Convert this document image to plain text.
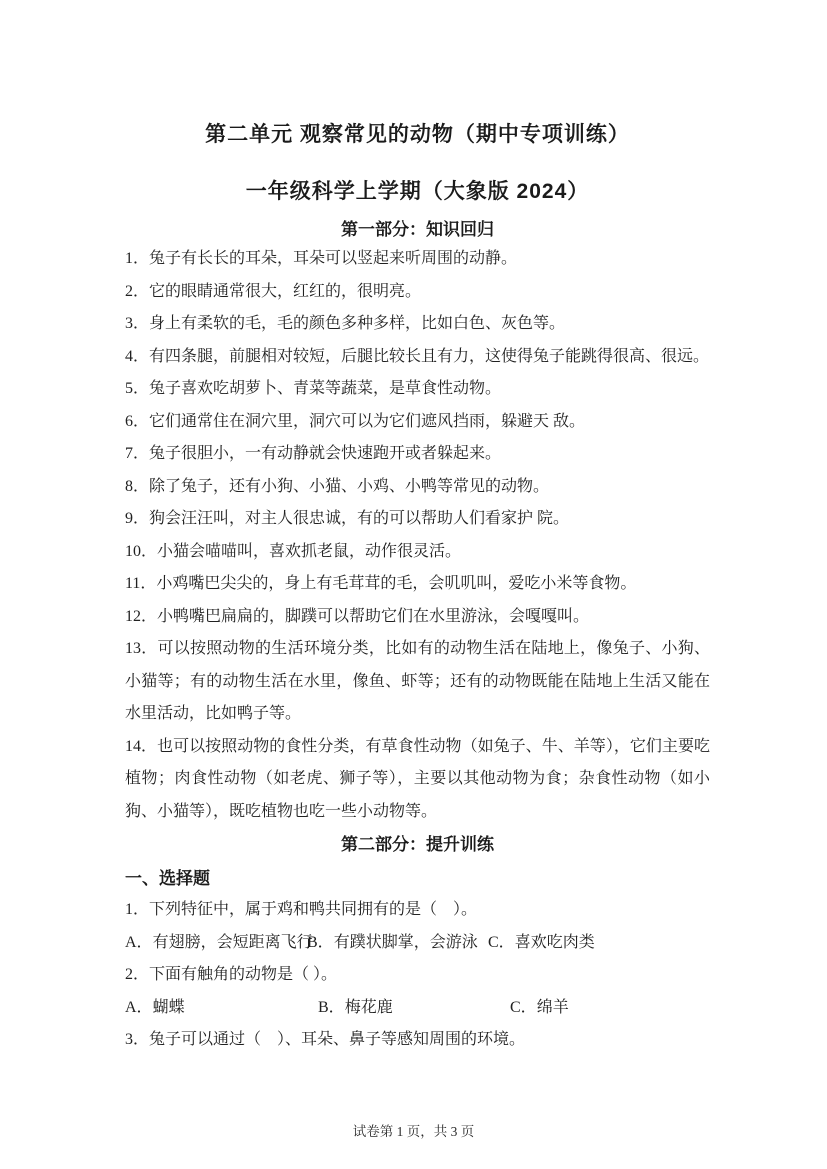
第二单元 观察常见的动物（期中专项训练）
一年级科学上学期（大象版 2024）
第一部分：知识回归

1．兔子有长长的耳朵，耳朵可以竖起来听周围的动静。

2．它的眼睛通常很大，红红的，很明亮。

3．身上有柔软的毛，毛的颜色多种多样，比如白色、灰色等。

4．有四条腿，前腿相对较短，后腿比较长且有力，这使得兔子能跳得很高、很远。

5．兔子喜欢吃胡萝卜、青菜等蔬菜，是草食性动物。

6．它们通常住在洞穴里，洞穴可以为它们遮风挡雨，躲避天 敌。

7．兔子很胆小，一有动静就会快速跑开或者躲起来。

8．除了兔子，还有小狗、小猫、小鸡、小鸭等常见的动物。

9．狗会汪汪叫，对主人很忠诚，有的可以帮助人们看家护 院。

10．小猫会喵喵叫，喜欢抓老鼠，动作很灵活。

11．小鸡嘴巴尖尖的，身上有毛茸茸的毛，会叽叽叫，爱吃小米等食物。

12．小鸭嘴巴扁扁的，脚蹼可以帮助它们在水里游泳，会嘎嘎叫。

13．可以按照动物的生活环境分类，比如有的动物生活在陆地上，像兔子、小狗、小猫等；有的动物生活在水里，像鱼、虾等；还有的动物既能在陆地上生活又能在水里活动，比如鸭子等。

14．也可以按照动物的食性分类，有草食性动物（如兔子、牛、羊等），它们主要吃植物；肉食性动物（如老虎、狮子等），主要以其他动物为食；杂食性动物（如小狗、小猫等），既吃植物也吃一些小动物等。

第二部分：提升训练
一、选择题

1．下列特征中，属于鸡和鸭共同拥有的是（　）。

A．有翅膀，会短距离飞行
B．有蹼状脚掌，会游泳 C．喜欢吃肉类

2．下面有触角的动物是（ ）。

A．蝴蝶	B．梅花鹿	C．绵羊

3．兔子可以通过（　）、耳朵、鼻子等感知周围的环境。

试卷第 1 页，共 3 页
